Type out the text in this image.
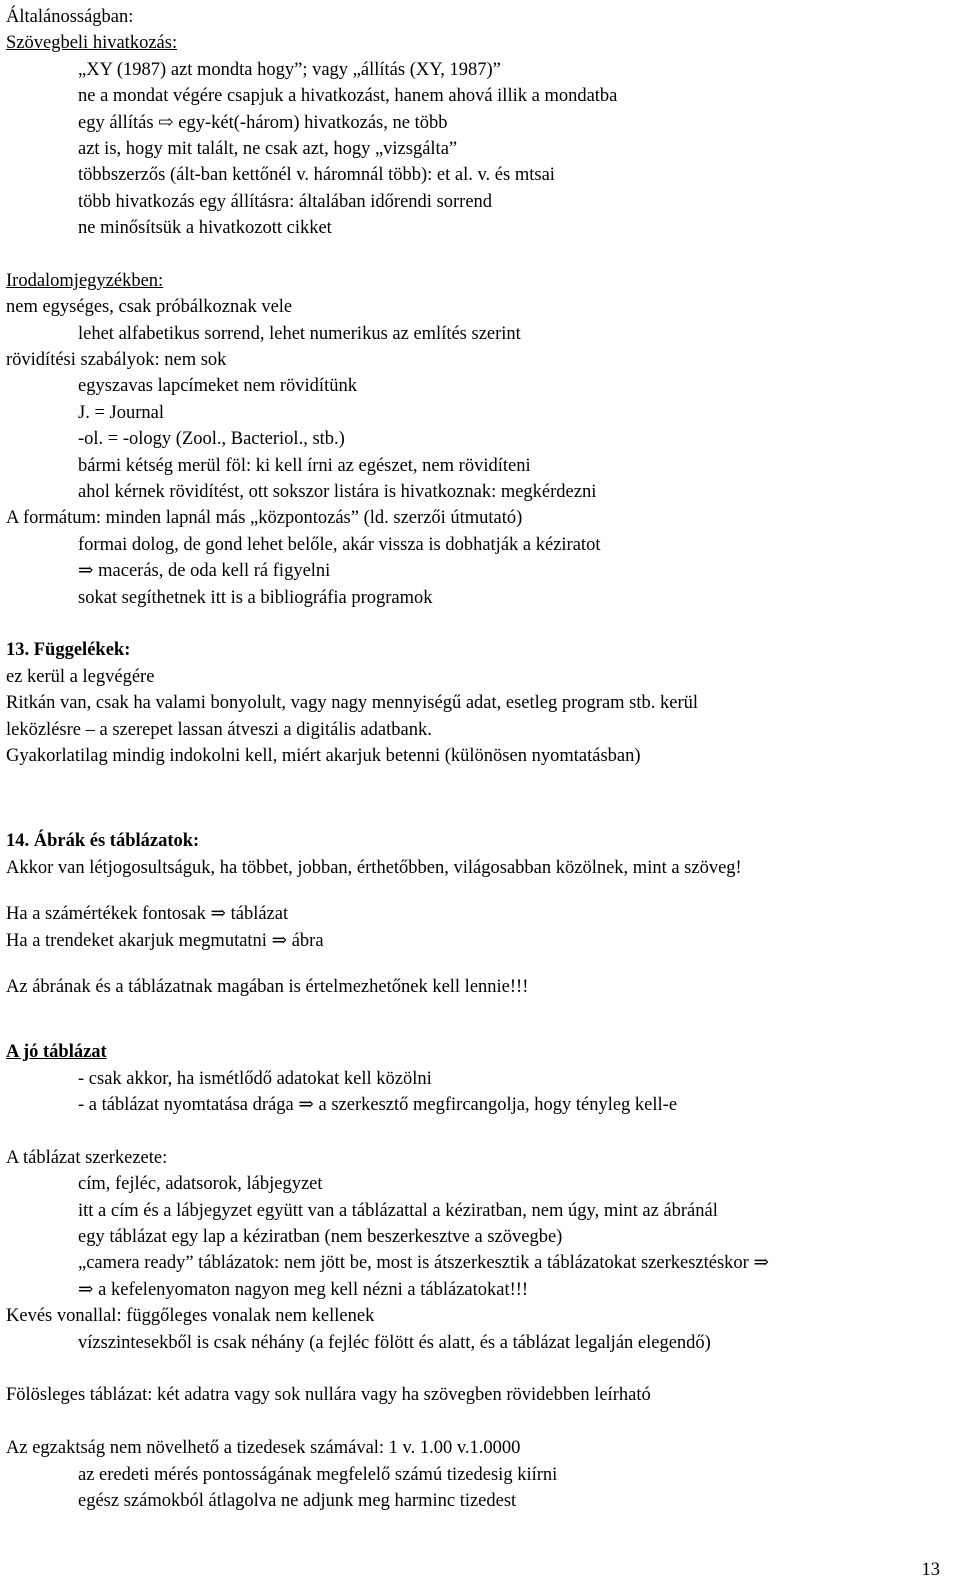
Általánosságban:
Szövegbeli hivatkozás:
„XY (1987) azt mondta hogy”; vagy „állítás (XY, 1987)”
ne a mondat végére csapjuk a hivatkozást, hanem ahová illik a mondatba
egy állítás ⇨ egy-két(-három) hivatkozás, ne több
azt is, hogy mit talált, ne csak azt, hogy „vizsgálta”
többszerzős (ált-ban kettőnél v. háromnál több): et al. v. és mtsai
több hivatkozás egy állításra: általában időrendi sorrend
ne minősítsük a hivatkozott cikket
Irodalomjegyzékben:
nem egységes, csak próbálkoznak vele
lehet alfabetikus sorrend, lehet numerikus az említés szerint
rövidítési szabályok: nem sok
egyszavas lapcímeket nem rövidítünk
J. = Journal
-ol. = -ology (Zool., Bacteriol., stb.)
bármi kétség merül föl: ki kell írni az egészet, nem rövidíteni
ahol kérnek rövidítést, ott sokszor listára is hivatkoznak: megkérdezni
A formátum: minden lapnál más „központozás” (ld. szerzői útmutató)
formai dolog, de gond lehet belőle, akár vissza is dobhatják a kéziratot
⇒ macerás, de oda kell rá figyelni
sokat segíthetnek itt is a bibliográfia programok
13. Függelékek:
ez kerül a legvégére
Ritkán van, csak ha valami bonyolult, vagy nagy mennyiségű adat, esetleg program stb. kerül
leközlésre – a szerepet lassan átveszi a digitális adatbank.
Gyakorlatilag mindig indokolni kell, miért akarjuk betenni (különösen nyomtatásban)
14. Ábrák és táblázatok:
Akkor van létjogosultságuk, ha többet, jobban, érthetőbben, világosabban közölnek, mint a szöveg!
Ha a számértékek fontosak ⇒ táblázat
Ha a trendeket akarjuk megmutatni ⇒ ábra
Az ábrának és a táblázatnak magában is értelmezhetőnek kell lennie!!!
A jó táblázat
- csak akkor, ha ismétlődő adatokat kell közölni
- a táblázat nyomtatása drága ⇒ a szerkesztő megfircangolja, hogy tényleg kell-e
A táblázat szerkezete:
cím, fejléc, adatsorok, lábjegyzet
itt a cím és a lábjegyzet együtt van a táblázattal a kéziratban, nem úgy, mint az ábránál
egy táblázat egy lap a kéziratban (nem beszerkesztve a szövegbe)
„camera ready” táblázatok: nem jött be, most is átszerkesztik a táblázatokat szerkesztéskor ⇒
⇒ a kefelenyomaton nagyon meg kell nézni a táblázatokat!!!
Kevés vonallal: függőleges vonalak nem kellenek
vízszintesekből is csak néhány (a fejléc fölött és alatt, és a táblázat legalján elegendő)
Fölösleges táblázat: két adatra vagy sok nullára vagy ha szövegben rövidebben leírható
Az egzaktság nem növelhető a tizedesek számával: 1 v. 1.00 v.1.0000
az eredeti mérés pontosságának megfelelő számú tizedesig kiírni
egész számokból átlagolva ne adjunk meg harminc tizedest
13
